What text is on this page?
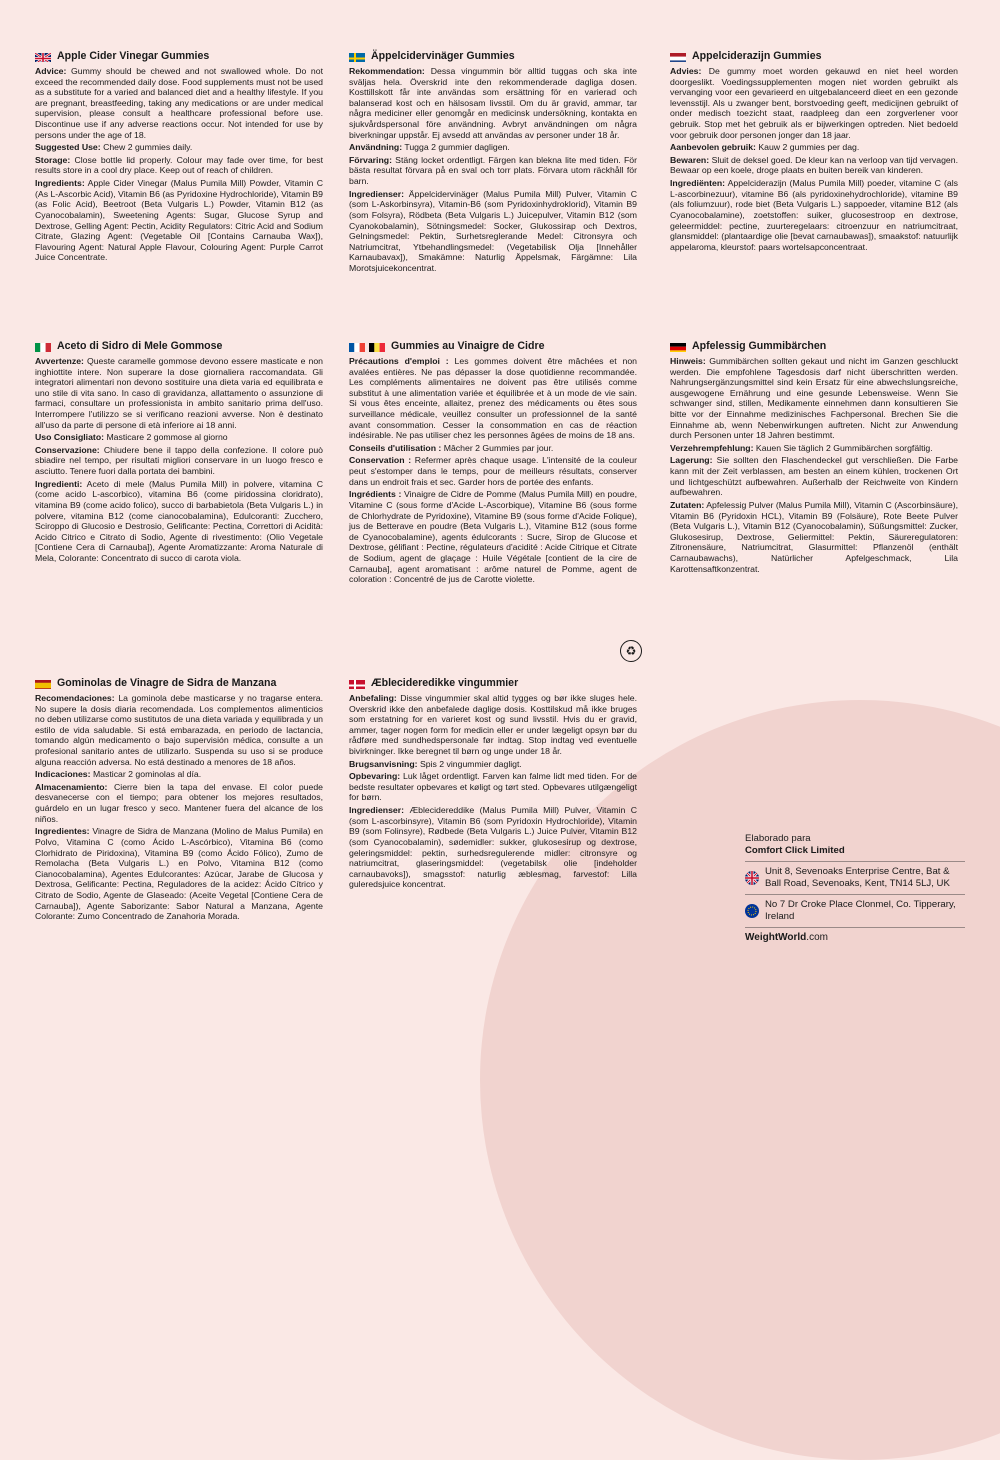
Apple Cider Vinegar Gummies

Advice: Gummy should be chewed and not swallowed whole. Do not exceed the recommended daily dose. Food supplements must not be used as a substitute for a varied and balanced diet and a healthy lifestyle. If you are pregnant, breastfeeding, taking any medications or are under medical supervision, please consult a healthcare professional before use. Discontinue use if any adverse reactions occur. Not intended for use by persons under the age of 18.

Suggested Use: Chew 2 gummies daily.

Storage: Close bottle lid properly. Colour may fade over time, for best results store in a cool dry place. Keep out of reach of children.

Ingredients: Apple Cider Vinegar (Malus Pumila Mill) Powder, Vitamin C (As L-Ascorbic Acid), Vitamin B6 (as Pyridoxine Hydrochloride), Vitamin B9 (as Folic Acid), Beetroot (Beta Vulgaris L.) Powder, Vitamin B12 (as Cyanocobalamin), Sweetening Agents: Sugar, Glucose Syrup and Dextrose, Gelling Agent: Pectin, Acidity Regulators: Citric Acid and Sodium Citrate, Glazing Agent: (Vegetable Oil [Contains Carnauba Wax]), Flavouring Agent: Natural Apple Flavour, Colouring Agent: Purple Carrot Juice Concentrate.

Äppelcidervinäger Gummies

Rekommendation: Dessa vingummin bör alltid tuggas och ska inte sväljas hela. Överskrid inte den rekommenderade dagliga dosen. Kosttillskott får inte användas som ersättning för en varierad och balanserad kost och en hälsosam livsstil. Om du är gravid, ammar, tar några mediciner eller genomgår en medicinsk undersökning, kontakta en sjukvårdspersonal före användning. Avbryt användningen om några biverkningar uppstår. Ej avsedd att användas av personer under 18 år.

Användning: Tugga 2 gummier dagligen.

Förvaring: Stäng locket ordentligt. Färgen kan blekna lite med tiden. För bästa resultat förvara på en sval och torr plats. Förvara utom räckhåll för barn.

Ingredienser: Äppelcidervinäger (Malus Pumila Mill) Pulver, Vitamin C (som L-Askorbinsyra), Vitamin-B6 (som Pyridoxinhydroklorid), Vitamin B9 (som Folsyra), Rödbeta (Beta Vulgaris L.) Juicepulver, Vitamin B12 (som Cyanokobalamin), Sötningsmedel: Socker, Glukossirap och Dextros, Gelningsmedel: Pektin, Surhetsreglerande Medel: Citronsyra och Natriumcitrat, Ytbehandlingsmedel: (Vegetabilisk Olja [Innehåller Karnaubavax]), Smakämne: Naturlig Äppelsmak, Färgämne: Lila Morotsjuicekoncentrat.

Appelciderazijn Gummies

Advies: De gummy moet worden gekauwd en niet heel worden doorgeslikt. Voedingssupplementen mogen niet worden gebruikt als vervanging voor een gevarieerd en uitgebalanceerd dieet en een gezonde levensstijl. Als u zwanger bent, borstvoeding geeft, medicijnen gebruikt of onder medisch toezicht staat, raadpleeg dan een zorgverlener voor gebruik. Stop met het gebruik als er bijwerkingen optreden. Niet bedoeld voor gebruik door personen jonger dan 18 jaar.

Aanbevolen gebruik: Kauw 2 gummies per dag.

Bewaren: Sluit de deksel goed. De kleur kan na verloop van tijd vervagen. Bewaar op een koele, droge plaats en buiten bereik van kinderen.

Ingrediënten: Appelciderazijn (Malus Pumila Mill) poeder, vitamine C (als L-ascorbinezuur), vitamine B6 (als pyridoxinehydrochloride), vitamine B9 (als foliumzuur), rode biet (Beta Vulgaris L.) sappoeder, vitamine B12 (als Cyanocobalamine), zoetstoffen: suiker, glucosestroop en dextrose, geleermiddel: pectine, zuurteregelaars: citroenzuur en natriumcitraat, glansmiddel: (plantaardige olie [bevat carnaubawas]), smaakstof: natuurlijk appelaroma, kleurstof: paars wortelsapconcentraat.

Aceto di Sidro di Mele Gommose

Avvertenze: Queste caramelle gommose devono essere masticate e non inghiottite intere. Non superare la dose giornaliera raccomandata. Gli integratori alimentari non devono sostituire una dieta varia ed equilibrata e uno stile di vita sano. In caso di gravidanza, allattamento o assunzione di farmaci, consultare un professionista in ambito sanitario prima dell'uso. Interrompere l'utilizzo se si verificano reazioni avverse. Non è destinato all'uso da parte di persone di età inferiore ai 18 anni.

Uso Consigliato: Masticare 2 gommose al giorno

Conservazione: Chiudere bene il tappo della confezione. Il colore può sbiadire nel tempo, per risultati migliori conservare in un luogo fresco e asciutto. Tenere fuori dalla portata dei bambini.

Ingredienti: Aceto di mele (Malus Pumila Mill) in polvere, vitamina C (come acido L-ascorbico), vitamina B6 (come piridossina cloridrato), vitamina B9 (come acido folico), succo di barbabietola (Beta Vulgaris L.) in polvere, vitamina B12 (come cianocobalamina), Edulcoranti: Zucchero, Sciroppo di Glucosio e Destrosio, Gelificante: Pectina, Correttori di Acidità: Acido Citrico e Citrato di Sodio, Agente di rivestimento: (Olio Vegetale [Contiene Cera di Carnauba]), Agente Aromatizzante: Aroma Naturale di Mela, Colorante: Concentrato di succo di carota viola.

Gummies au Vinaigre de Cidre

Précautions d'emploi : Les gommes doivent être mâchées et non avalées entières. Ne pas dépasser la dose quotidienne recommandée. Les compléments alimentaires ne doivent pas être utilisés comme substitut à une alimentation variée et équilibrée et à un mode de vie sain. Si vous êtes enceinte, allaitez, prenez des médicaments ou êtes sous surveillance médicale, veuillez consulter un professionnel de la santé avant consommation. Cesser la consommation en cas de réaction indésirable. Ne pas utiliser chez les personnes âgées de moins de 18 ans.

Conseils d'utilisation : Mâcher 2 Gummies par jour.

Conservation : Refermer après chaque usage. L'intensité de la couleur peut s'estomper dans le temps, pour de meilleurs résultats, conserver dans un endroit frais et sec. Garder hors de portée des enfants.

Ingrédients : Vinaigre de Cidre de Pomme (Malus Pumila Mill) en poudre, Vitamine C (sous forme d'Acide L-Ascorbique), Vitamine B6 (sous forme de Chlorhydrate de Pyridoxine), Vitamine B9 (sous forme d'Acide Folique), jus de Betterave en poudre (Beta Vulgaris L.), Vitamine B12 (sous forme de Cyanocobalamine), agents édulcorants : Sucre, Sirop de Glucose et Dextrose, gélifiant : Pectine, régulateurs d'acidité : Acide Citrique et Citrate de Sodium, agent de glaçage : Huile Végétale [contient de la cire de Carnauba], agent aromatisant : arôme naturel de Pomme, agent de coloration : Concentré de jus de Carotte violette.

Apfelessig Gummibärchen

Hinweis: Gummibärchen sollten gekaut und nicht im Ganzen geschluckt werden. Die empfohlene Tagesdosis darf nicht überschritten werden. Nahrungsergänzungsmittel sind kein Ersatz für eine abwechslungsreiche, ausgewogene Ernährung und eine gesunde Lebensweise. Wenn Sie schwanger sind, stillen, Medikamente einnehmen dann konsultieren Sie bitte vor der Einnahme medizinisches Fachpersonal. Brechen Sie die Einnahme ab, wenn Nebenwirkungen auftreten. Nicht zur Anwendung durch Personen unter 18 Jahren bestimmt.

Verzehrempfehlung: Kauen Sie täglich 2 Gummibärchen sorgfältig.

Lagerung: Sie sollten den Flaschendeckel gut verschließen. Die Farbe kann mit der Zeit verblassen, am besten an einem kühlen, trockenen Ort und lichtgeschützt aufbewahren. Außerhalb der Reichweite von Kindern aufbewahren.

Zutaten: Apfelessig Pulver (Malus Pumila Mill), Vitamin C (Ascorbinsäure), Vitamin B6 (Pyridoxin HCL), Vitamin B9 (Folsäure), Rote Beete Pulver (Beta Vulgaris L.), Vitamin B12 (Cyanocobalamin), Süßungsmittel: Zucker, Glukosesirup, Dextrose, Geliermittel: Pektin, Säureregulatoren: Zitronensäure, Natriumcitrat, Glasurmittel: Pflanzenöl (enthält Carnaubawachs), Natürlicher Apfelgeschmack, Lila Karottensaftkonzentrat.

♻
Gominolas de Vinagre de Sidra de Manzana

Recomendaciones: La gominola debe masticarse y no tragarse entera. No supere la dosis diaria recomendada. Los complementos alimenticios no deben utilizarse como sustitutos de una dieta variada y equilibrada y un estilo de vida saludable. Si está embarazada, en periodo de lactancia, tomando algún medicamento o bajo supervisión médica, consulte a un profesional sanitario antes de utilizarlo. Suspenda su uso si se produce alguna reacción adversa. No está destinado a menores de 18 años.

Indicaciones: Masticar 2 gominolas al día.

Almacenamiento: Cierre bien la tapa del envase. El color puede desvanecerse con el tiempo; para obtener los mejores resultados, guárdelo en un lugar fresco y seco. Mantener fuera del alcance de los niños.

Ingredientes: Vinagre de Sidra de Manzana (Molino de Malus Pumila) en Polvo, Vitamina C (como Ácido L-Ascórbico), Vitamina B6 (como Clorhidrato de Piridoxina), Vitamina B9 (como Ácido Fólico), Zumo de Remolacha (Beta Vulgaris L.) en Polvo, Vitamina B12 (como Cianocobalamina), Agentes Edulcorantes: Azúcar, Jarabe de Glucosa y Dextrosa, Gelificante: Pectina, Reguladores de la acidez: Ácido Cítrico y Citrato de Sodio, Agente de Glaseado: (Aceite Vegetal [Contiene Cera de Carnauba]), Agente Saborizante: Sabor Natural a Manzana, Agente Colorante: Zumo Concentrado de Zanahoria Morada.

Æblecideredikke vingummier

Anbefaling: Disse vingummier skal altid tygges og bør ikke sluges hele. Overskrid ikke den anbefalede daglige dosis. Kosttilskud må ikke bruges som erstatning for en varieret kost og sund livsstil. Hvis du er gravid, ammer, tager nogen form for medicin eller er under lægeligt opsyn bør du rådføre med sundhedspersonale før indtag. Stop indtag ved eventuelle bivirkninger. Ikke beregnet til børn og unge under 18 år.

Brugsanvisning: Spis 2 vingummier dagligt.

Opbevaring: Luk låget ordentligt. Farven kan falme lidt med tiden. For de bedste resultater opbevares et køligt og tørt sted. Opbevares utilgængeligt for børn.

Ingredienser: Æblecidereddike (Malus Pumila Mill) Pulver, Vitamin C (som L-ascorbinsyre), Vitamin B6 (som Pyridoxin Hydrochloride), Vitamin B9 (som Folinsyre), Rødbede (Beta Vulgaris L.) Juice Pulver, Vitamin B12 (som Cyanocobalamin), sødemidler: sukker, glukosesirup og dextrose, geleringsmiddel: pektin, surhedsregulerende midler: citronsyre og natriumcitrat, glaseringsmiddel: (vegetabilsk olie [indeholder carnaubavoks]), smagsstof: naturlig æblesmag, farvestof: Lilla guleredsjuice koncentrat.

Elaborado para
Comfort Click Limited
Unit 8, Sevenoaks Enterprise Centre, Bat & Ball Road, Sevenoaks, Kent, TN14 5LJ, UK
No 7 Dr Croke Place Clonmel, Co. Tipperary, Ireland
WeightWorld.com
